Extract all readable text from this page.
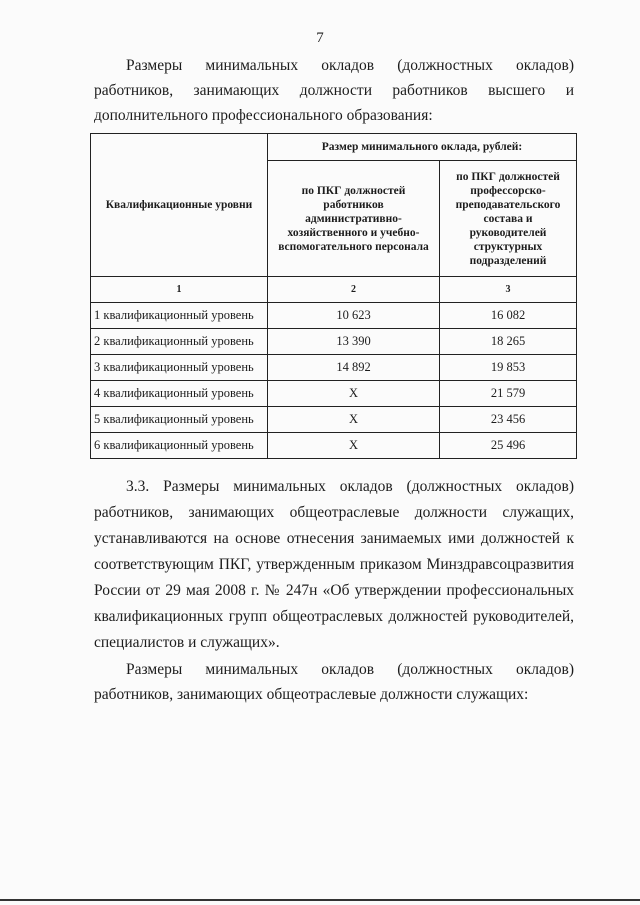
7

Размеры минимальных окладов (должностных окладов) работников, занимающих должности работников высшего и дополнительного профессионального образования:

Квалификационные уровни	Размер минимального оклада, рублей:	
	по ПКГ должностей работников административно-хозяйственного и учебно-вспомогательного персонала	по ПКГ должностей профессорско-преподавательского состава и руководителей структурных подразделений
1	2	3
1 квалификационный уровень	10 623	16 082
2 квалификационный уровень	13 390	18 265
3 квалификационный уровень	14 892	19 853
4 квалификационный уровень	X	21 579
5 квалификационный уровень	X	23 456
6 квалификационный уровень	X	25 496

3.3. Размеры минимальных окладов (должностных окладов) работников, занимающих общеотраслевые должности служащих, устанавливаются на основе отнесения занимаемых ими должностей к соответствующим ПКГ, утвержденным приказом Минздравсоцразвития России от 29 мая 2008 г. № 247н «Об утверждении профессиональных квалификационных групп общеотраслевых должностей руководителей, специалистов и служащих».

Размеры минимальных окладов (должностных окладов) работников, занимающих общеотраслевые должности служащих:
